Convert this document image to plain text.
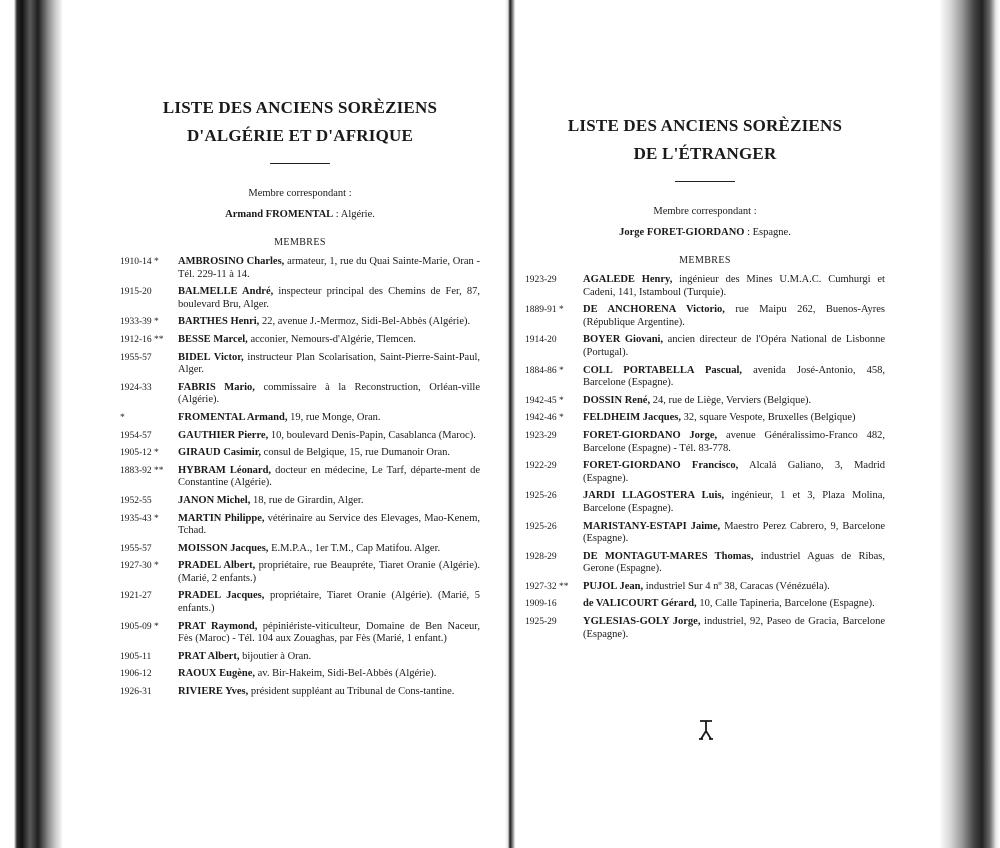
LISTE DES ANCIENS SORÈZIENS
D'ALGÉRIE ET D'AFRIQUE
Membre correspondant :
Armand FROMENTAL : Algérie.
MEMBRES
1910-14 *	AMBROSINO Charles, armateur, 1, rue du Quai Sainte-Marie, Oran - Tél. 229-11 à 14.
1915-20	BALMELLE André, inspecteur principal des Chemins de Fer, 87, boulevard Bru, Alger.
1933-39 *	BARTHES Henri, 22, avenue J.-Mermoz, Sidi-Bel-Abbès (Algérie).
1912-16 **	BESSE Marcel, acconier, Nemours-d'Algérie, Tlemcen.
1955-57	BIDEL Victor, instructeur Plan Scolarisation, Saint-Pierre-Saint-Paul, Alger.
1924-33	FABRIS Mario, commissaire à la Reconstruction, Orléan-ville (Algérie).
*	FROMENTAL Armand, 19, rue Monge, Oran.
1954-57	GAUTHIER Pierre, 10, boulevard Denis-Papin, Casablanca (Maroc).
1905-12 *	GIRAUD Casimir, consul de Belgique, 15, rue Dumanoir Oran.
1883-92 **	HYBRAM Léonard, docteur en médecine, Le Tarf, départe-ment de Constantine (Algérie).
1952-55	JANON Michel, 18, rue de Girardin, Alger.
1935-43 *	MARTIN Philippe, vétérinaire au Service des Elevages, Mao-Kenem, Tchad.
1955-57	MOISSON Jacques, E.M.P.A., 1er T.M., Cap Matifou. Alger.
1927-30 *	PRADEL Albert, propriétaire, rue Beaupréte, Tiaret Oranie (Algérie). (Marié, 2 enfants.)
1921-27	PRADEL Jacques, propriétaire, Tiaret Oranie (Algérie). (Marié, 5 enfants.)
1905-09 *	PRAT Raymond, pépiniériste-viticulteur, Domaine de Ben Naceur, Fès (Maroc) - Tél. 104 aux Zouaghas, par Fès (Marié, 1 enfant.)
1905-11	PRAT Albert, bijoutier à Oran.
1906-12	RAOUX Eugène, av. Bir-Hakeim, Sidi-Bel-Abbès (Algérie).
1926-31	RIVIERE Yves, président suppléant au Tribunal de Cons-tantine.
LISTE DES ANCIENS SORÈZIENS
DE L'ÉTRANGER
Membre correspondant :
Jorge FORET-GIORDANO : Espagne.
MEMBRES
1923-29	AGALEDE Henry, ingénieur des Mines U.M.A.C. Cumhurgi et Cadeni, 141, Istamboul (Turquie).
1889-91 *	DE ANCHORENA Victorio, rue Maipu 262, Buenos-Ayres (République Argentine).
1914-20	BOYER Giovani, ancien directeur de l'Opéra National de Lisbonne (Portugal).
1884-86 *	COLL PORTABELLA Pascual, avenida José-Antonio, 458, Barcelone (Espagne).
1942-45 *	DOSSIN René, 24, rue de Liège, Verviers (Belgique).
1942-46 *	FELDHEIM Jacques, 32, square Vespote, Bruxelles (Belgique)
1923-29	FORET-GIORDANO Jorge, avenue Généralissimo-Franco 482, Barcelone (Espagne) - Tél. 83-778.
1922-29	FORET-GIORDANO Francisco, Alcalá Galiano, 3, Madrid (Espagne).
1925-26	JARDI LLAGOSTERA Luis, ingénieur, 1 et 3, Plaza Molina, Barcelone (Espagne).
1925-26	MARISTANY-ESTAPI Jaime, Maestro Perez Cabrero, 9, Barcelone (Espagne).
1928-29	DE MONTAGUT-MARES Thomas, industriel Aguas de Ribas, Gerone (Espagne).
1927-32 **	PUJOL Jean, industriel Sur 4 nº 38, Caracas (Vénézuéla).
1909-16	de VALICOURT Gérard, 10, Calle Tapineria, Barcelone (Espagne).
1925-29	YGLESIAS-GOLY Jorge, industriel, 92, Paseo de Gracia, Barcelone (Espagne).
